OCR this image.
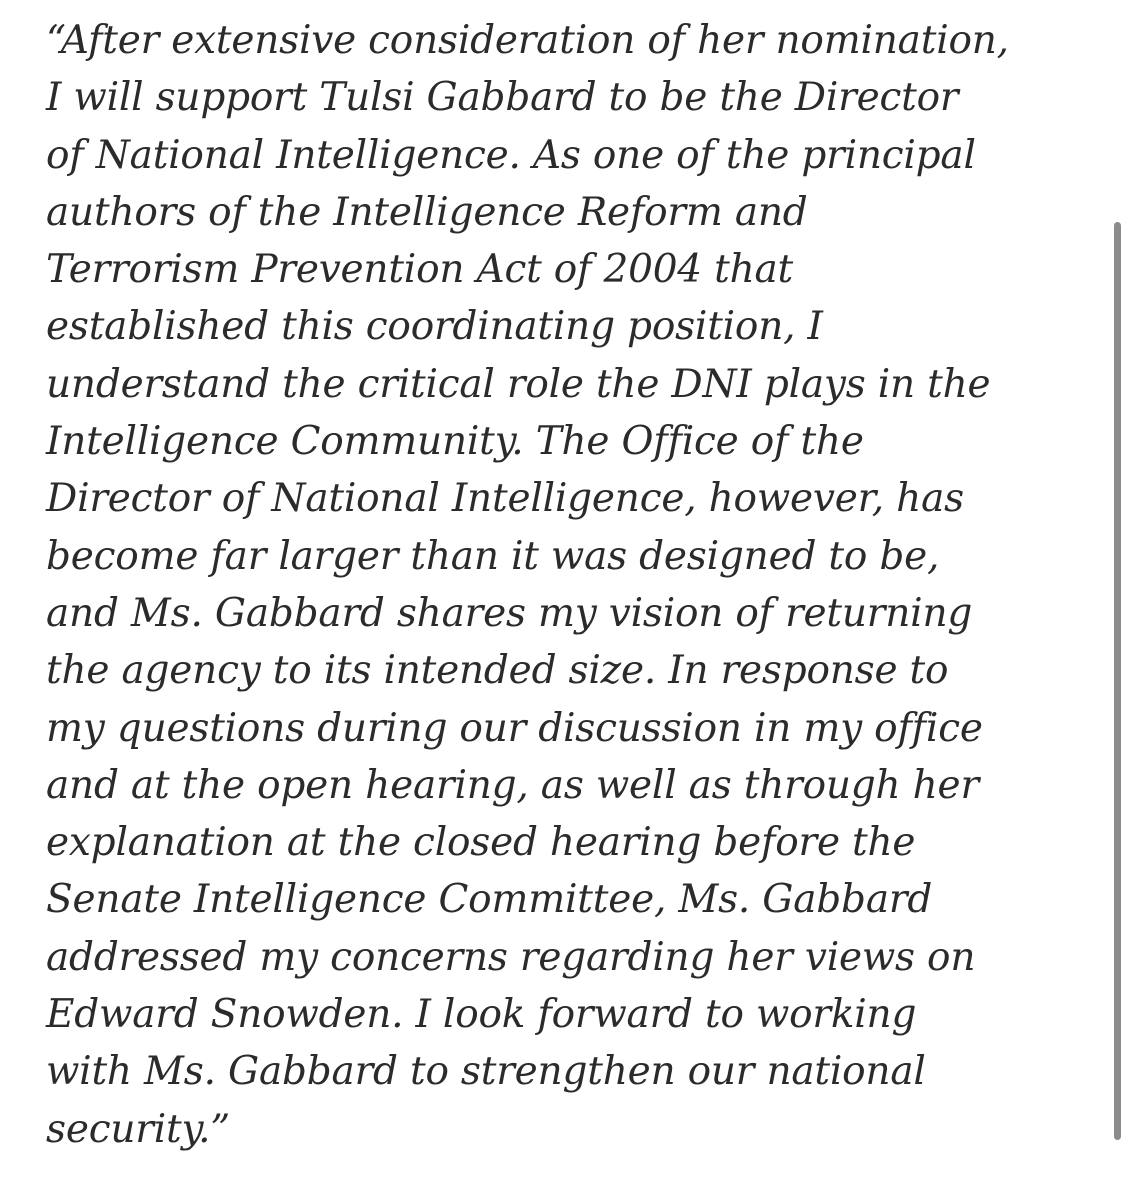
“After extensive consideration of her nomination,
I will support Tulsi Gabbard to be the Director
of National Intelligence. As one of the principal
authors of the Intelligence Reform and
Terrorism Prevention Act of 2004 that
established this coordinating position, I
understand the critical role the DNI plays in the
Intelligence Community. The Office of the
Director of National Intelligence, however, has
become far larger than it was designed to be,
and Ms. Gabbard shares my vision of returning
the agency to its intended size. In response to
my questions during our discussion in my office
and at the open hearing, as well as through her
explanation at the closed hearing before the
Senate Intelligence Committee, Ms. Gabbard
addressed my concerns regarding her views on
Edward Snowden. I look forward to working
with Ms. Gabbard to strengthen our national
security.”
